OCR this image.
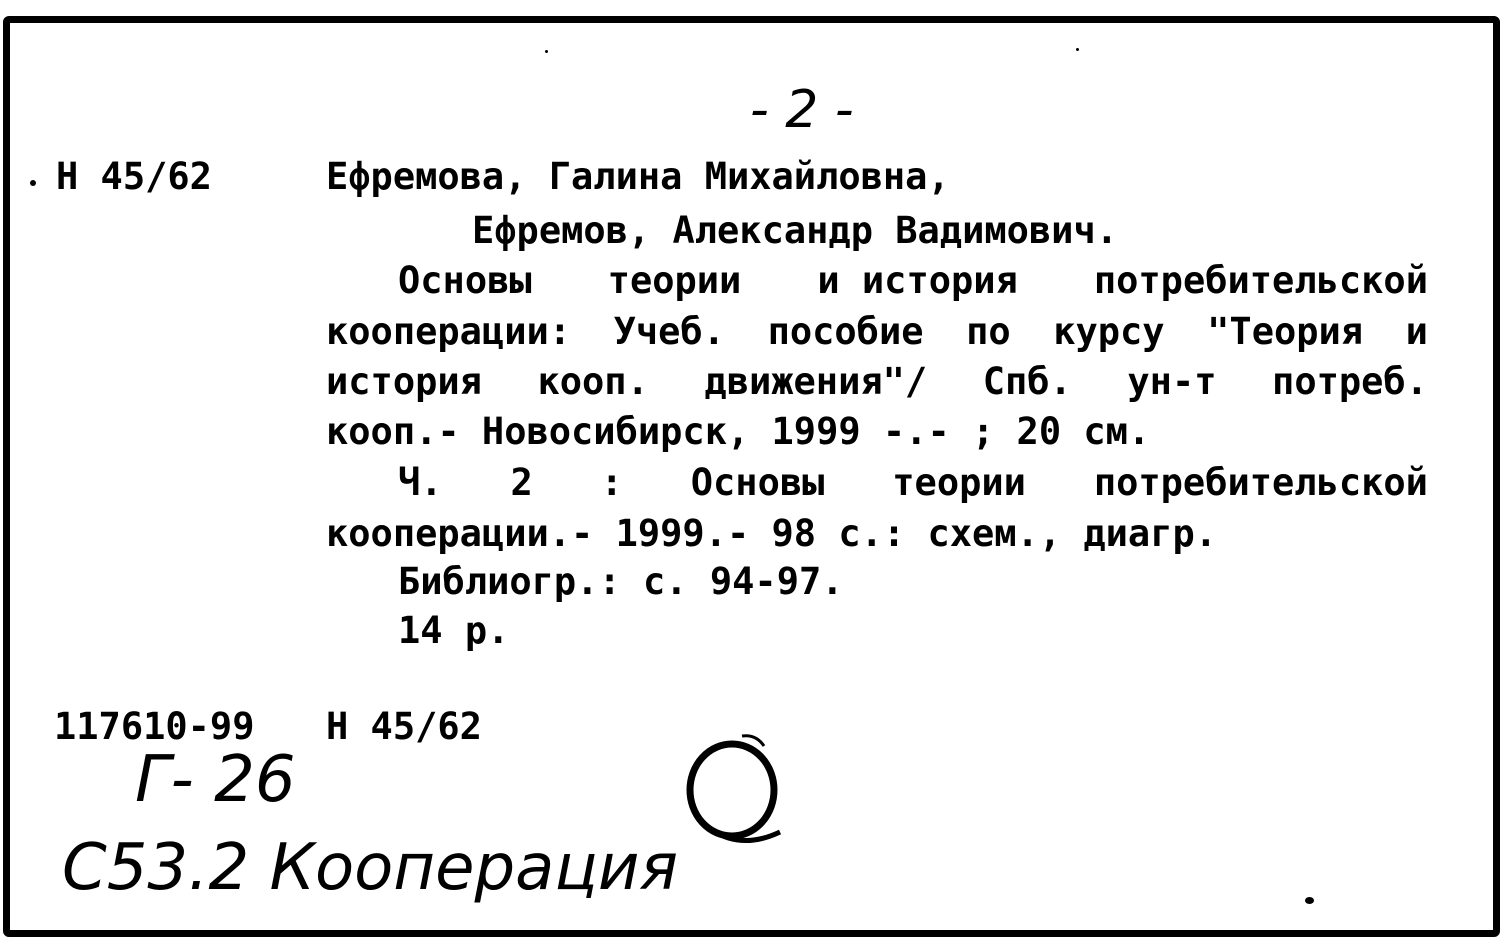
- 2 -
Н 45/62	Ефремова, Галина Михайловна,
Ефремов, Александр Вадимович.
Основы теории и история потребительской
кооперации: Учеб. пособие по курсу "Теория и
история кооп. движения"/ Спб. ун-т потреб.
кооп.- Новосибирск, 1999 -.- ; 20 см.
Ч. 2 : Основы теории потребительской
кооперации.- 1999.- 98 с.: схем., диагр.
Библиогр.: с. 94-97.
14 р.
117610-99 Н 45/62
Г- 26
C53.2 Кооперация
